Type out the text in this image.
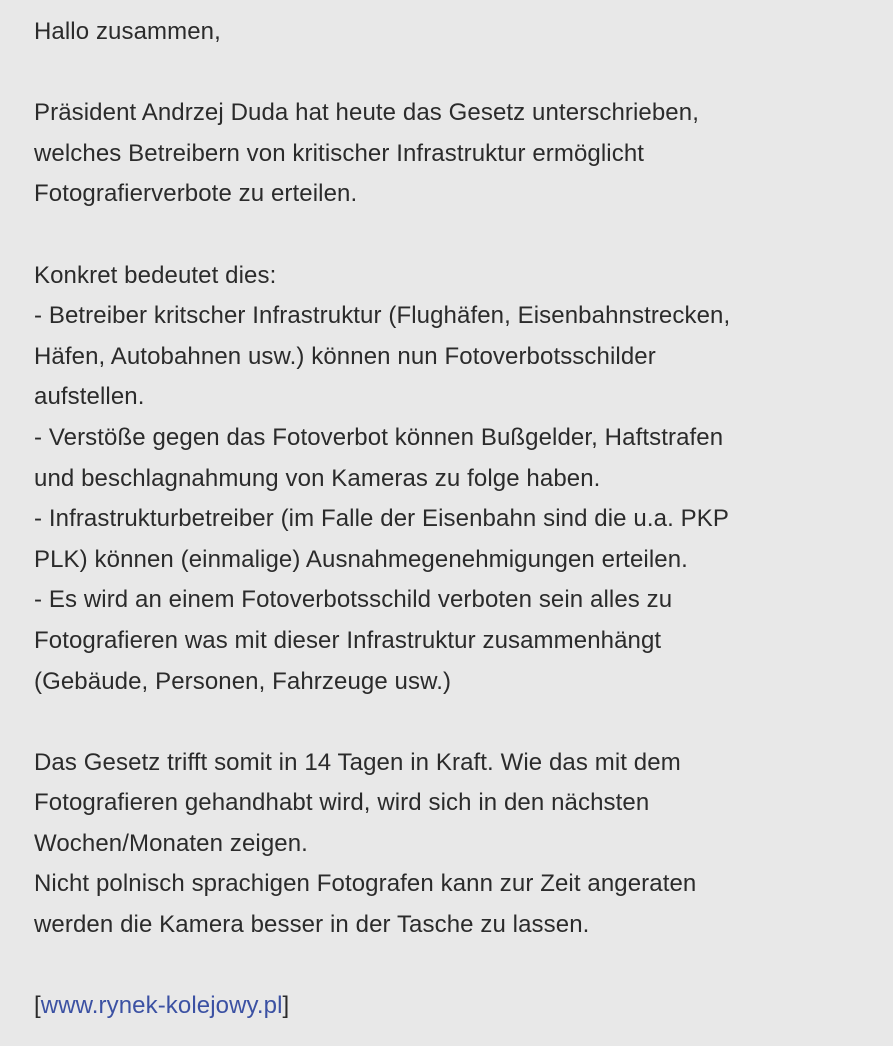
Hallo zusammen,
Präsident Andrzej Duda hat heute das Gesetz unterschrieben,
welches Betreibern von kritischer Infrastruktur ermöglicht
Fotografierverbote zu erteilen.
Konkret bedeutet dies:
- Betreiber kritscher Infrastruktur (Flughäfen, Eisenbahnstrecken,
Häfen, Autobahnen usw.) können nun Fotoverbotsschilder
aufstellen.
- Verstöße gegen das Fotoverbot können Bußgelder, Haftstrafen
und beschlagnahmung von Kameras zu folge haben.
- Infrastrukturbetreiber (im Falle der Eisenbahn sind die u.a. PKP
PLK) können (einmalige) Ausnahmegenehmigungen erteilen.
- Es wird an einem Fotoverbotsschild verboten sein alles zu
Fotografieren was mit dieser Infrastruktur zusammenhängt
(Gebäude, Personen, Fahrzeuge usw.)
Das Gesetz trifft somit in 14 Tagen in Kraft. Wie das mit dem
Fotografieren gehandhabt wird, wird sich in den nächsten
Wochen/Monaten zeigen.
Nicht polnisch sprachigen Fotografen kann zur Zeit angeraten
werden die Kamera besser in der Tasche zu lassen.
[www.rynek-kolejowy.pl]
